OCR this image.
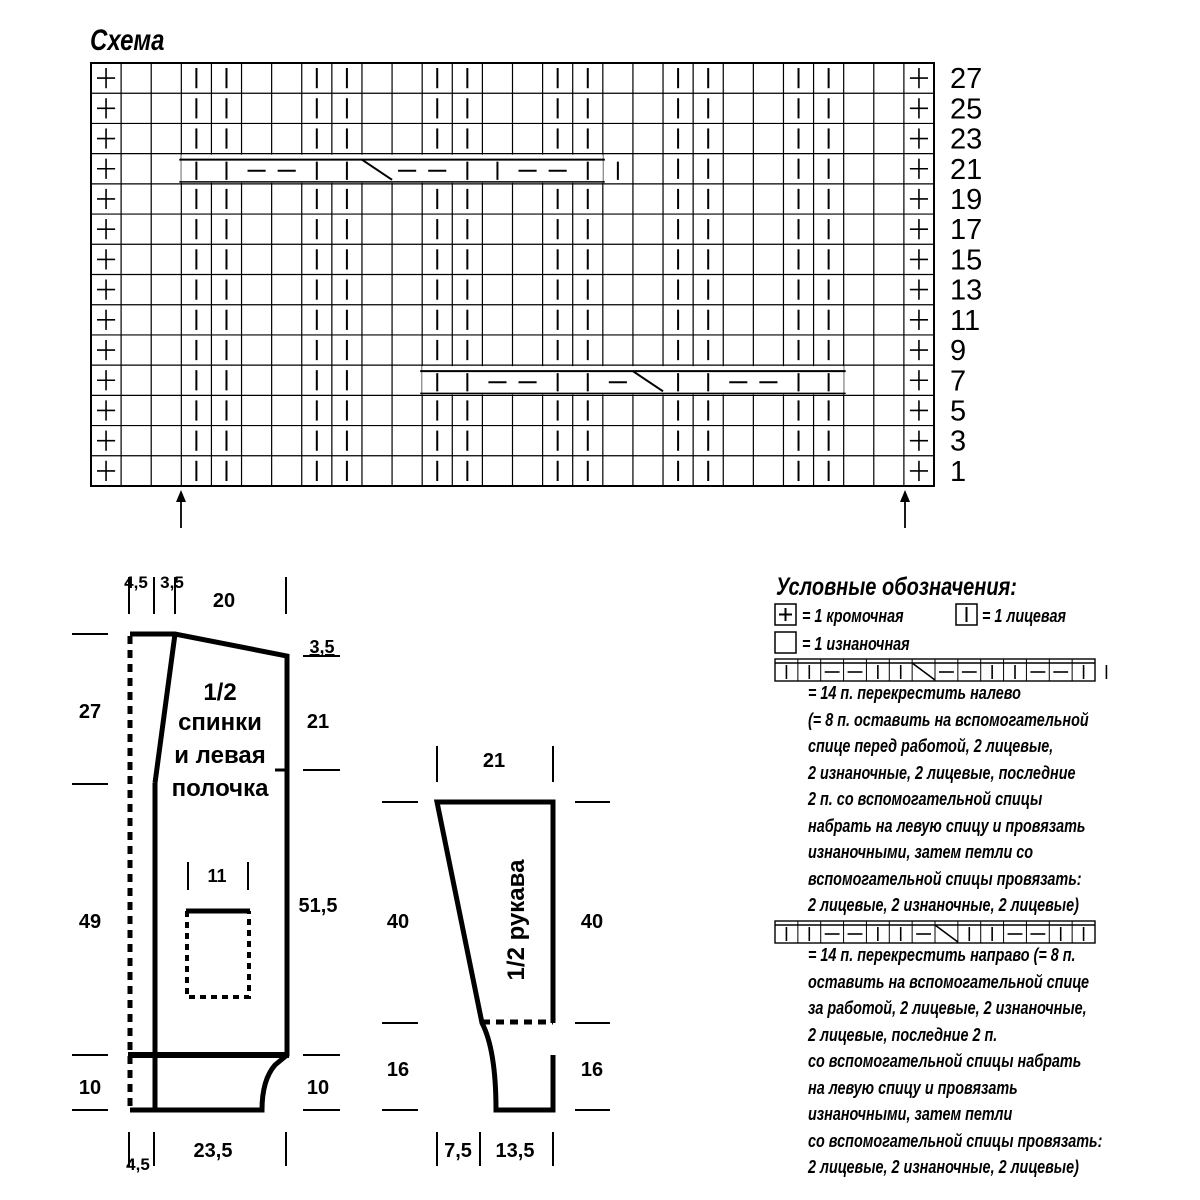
27
25
23
21
19
17
15
13
11
9
7
5
3
1
1/2
спинки
и левая
полочка
4,5 3,5
20
3,5
21
51,5
10
27
49
10
4,5
23,5
11	1/2 рукава
21
40	40
16	16
7,5 13,5
Схема
Условные обозначения:
= 1 кромочная	= 1 лицевая
= 1 изнаночная
= 14 п. перекрестить налево
(= 8 п. оставить на вспомогательной
спице перед работой, 2 лицевые,
2 изнаночные, 2 лицевые, последние
2 п. со вспомогательной спицы
набрать на левую спицу и провязать
изнаночными, затем петли со
вспомогательной спицы провязать:
2 лицевые, 2 изнаночные, 2 лицевые)
= 14 п. перекрестить направо (= 8 п.
оставить на вспомогательной спице
за работой, 2 лицевые, 2 изнаночные,
2 лицевые, последние 2 п.
со вспомогательной спицы набрать
на левую спицу и провязать
изнаночными, затем петли
со вспомогательной спицы провязать:
2 лицевые, 2 изнаночные, 2 лицевые)
